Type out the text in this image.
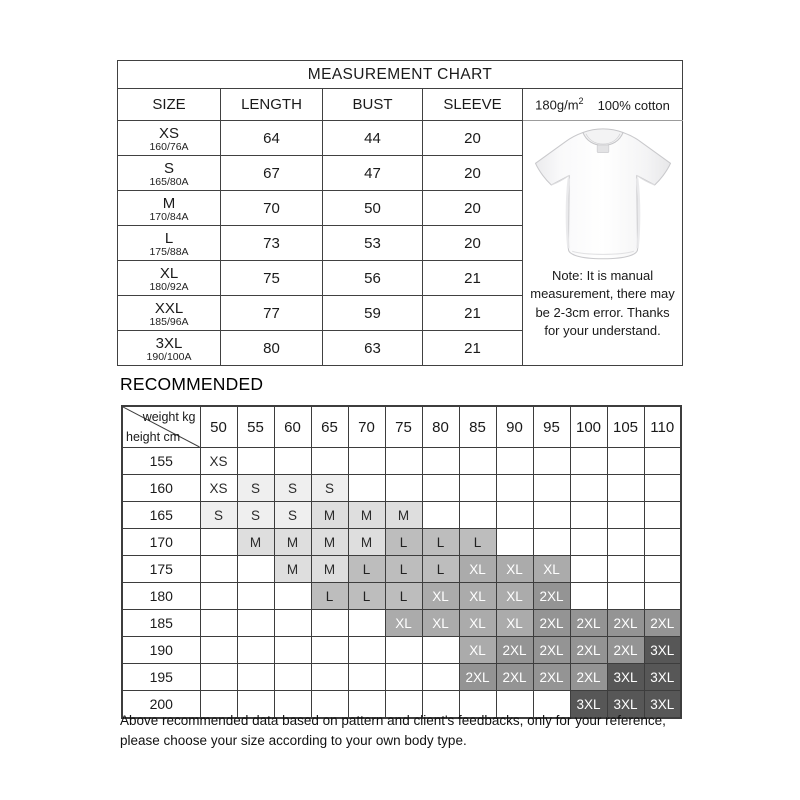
MEASUREMENT CHART				
SIZE	LENGTH	BUST	SLEEVE	$180g/m^2$ 100% cotton

XS
160/76A	64	44	20	Note: It is manual measurement, there may be 2-3cm error. Thanks for your understand.

S
165/80A	67	47	20	

M
170/84A	70	50	20	

L
175/88A	73	53	20	

XL
180/92A	75	56	21	

XXL
185/96A	77	59	21	

3XL
190/100A	80	63	21	
RECOMMENDED
weight kg
height cm	50	55	60	65	70	75	80	85	90	95	100	105	110
155	XS												
160	XS	S	S	S									
165	S	S	S	M	M	M							
170		M	M	M	M	L	L	L					
175			M	M	L	L	L	XL	XL	XL			
180				L	L	L	XL	XL	XL	2XL			
185						XL	XL	XL	XL	2XL	2XL	2XL	2XL
190								XL	2XL	2XL	2XL	2XL	3XL
195								2XL	2XL	2XL	2XL	3XL	3XL
200											3XL	3XL	3XL
Above recommended data based on pattern and client's feedbacks, only for your reference,
please choose your size according to your own body type.
